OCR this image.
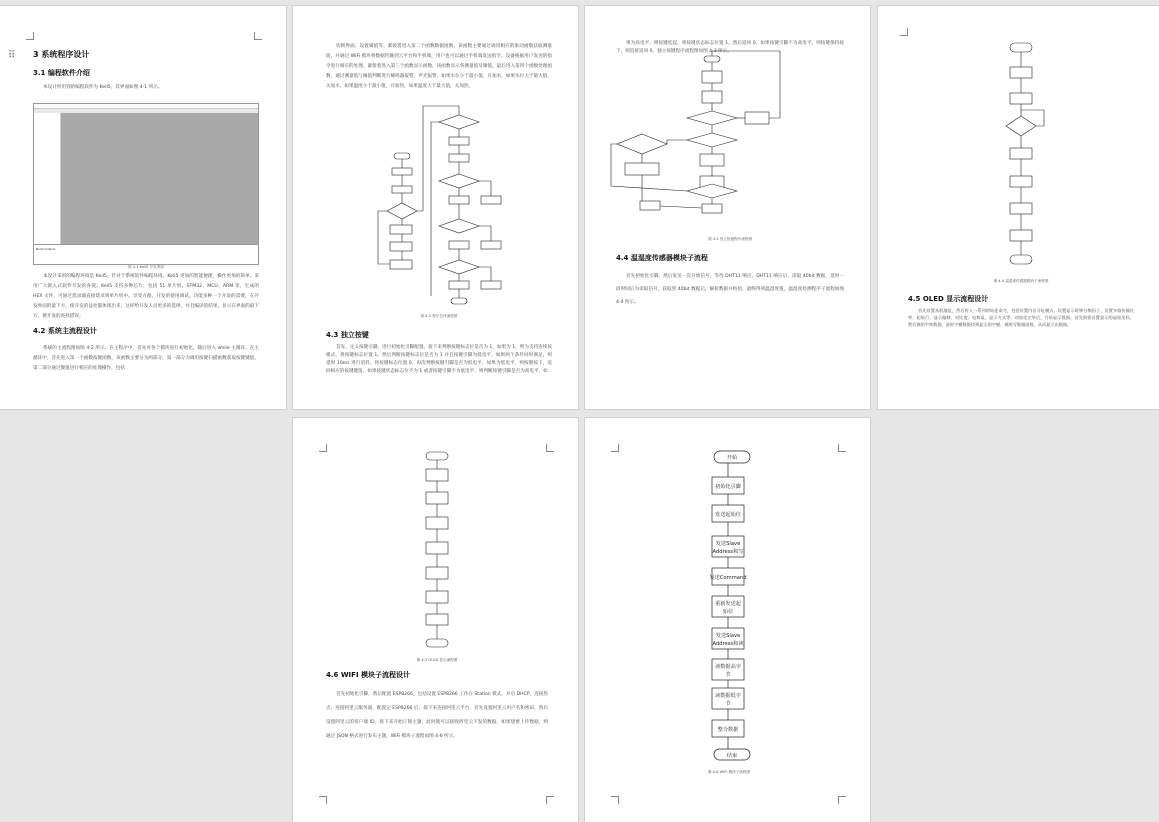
⠿ 3 系统程序设计
3.1 编程软件介绍
本设计所用到的编程软件为 Keil5，其界面如图 4-1 所示。
Build Output
图 4-1 Keil5 开发界面
本设计采用的编程环境是 Keil5，针对于系统软件编程环境。Keil5 更加的智能便捷，操作更加的简单。采用广大嵌入式软件开发的喜爱。Keil5 支持多种芯片，包括 51 单片机、STM32、MCU、ARM 等，生成的 HEX 文件，可通过烧录器直接烧录到单片机中。享受方便、开发的使用调试。功能多种一个开发的需要，在开发界面的最下方，使开发的益处都体现出来，这样给开发人员更多的选择，并且编译的结果，显示在界面的最下方，便开发的查找错误。
4.2 系统主流程设计
系统的主流程图如图 4-2 所示。在主程序中，首先对各个模块进行初始化，随后进入 while 主循环。在主循环中，首先进入第一个函数按键函数，该函数主要分为两部分，第一部分为调用按键扫描函数获取按键键值，第二部分通过键值进行相应的处理操作，包括
切换界面、设置阈值等。紧接着进入第二个函数数据函数，该函数主要通过调用相应的驱动函数获取测量值，并通过 WiFi 模块将数据传输到云平台和手机端，用户也可以通过手机端发送指令。设备根据用户发送的指令进行相应的处理。紧接着进入第三个函数显示函数，该函数显示各测量值及阈值，最后进入第四个函数处理函数，通过测量值与阈值判断进行蜂鸣器报警、声光报警。如果水位小于最小值，开加水，如果水位大于最大值，关加水，如果温度小于最小值，开加热，如果温度大于最大值，关加热。
图 4-2 程序总体流程图
4.3 独立按键
首先，定义按键引脚，进行初始化引脚配置。接下来判断按键标志位是否为 1，如果为 1，则为支持连续按模式，将按键标志位置 1。然后判断按键标志位是否为 1 并且按键引脚为低电平，如果两个条件同时满足，则延时 10ms 进行消抖，将按键标志位置 0。再次判断按键引脚是否为低电平，如果为低电平，则按键按下，返回相应的按键键值。如果按键状态标志位不为 1 或者按键引脚不为低电平，则判断按键引脚是否为高电平，如
果为高电平，则按键松起，将按键状态标志位置 1。然后返回 0。如果按键引脚不为高电平，则按键保持按下，则直接返回 0。独立按键程序流程图如图 4-3 所示。
图 4-3 独立按键程序流程图
4.4 温湿度传感器模块子流程
首先初始化引脚，然后发送一次开始信号，等待 DHT11 响应，DHT11 响应后，读取 40bit 数据，延时一段时间后为读取信号，获取到 40bit 数据后，解析数据并校验，最终得到温湿度值，温湿度检测程序子流程如图 4-4 所示。
图 4-4 温湿度传感器模块子流程图
4.5 OLED 显示流程设计
首先设置从机地址，然后传入一系列初始化命令，包括设置内存寻址模式、设置显示时钟分频因子、设置多路传输比率、起始行、显示偏移、对比度、电荷泵、显示方式等。初始化完毕后，开始显示数据。首先需要设置显示的起始坐标，然后调用字库数据，此时字模数据找到显示的字模，调用写数据函数，从而显示出数据。
图 4-5 OLED 显示流程图
4.6 WIFI 模块子流程设计
首先初始化引脚，然后配置 ESP8266，包括设置 ESP8266 工作在 Station 模式，并启 DHCP，连接热点，连接阿里云服务器，配置完 ESP8266 后，接下来连接阿里云平台，首先设置阿里云用户名和密码，然后设置阿里云的客户端 ID，接下来开始订阅主题，此时就可以接收阿里云下发的数据，如果想要上传数据，则通过 JSON 格式进行发布主题，WiFi 模块子流程如图 4-6 所示。
开始
初始化引脚
发送起始位
发送Slave
Address和写
发送Command
重新发送起
始位
发送Slave
Address和读
读数据高字
节
读数据低字
节
整合数据
结束
图 4-6 WIFI 模块子流程图
